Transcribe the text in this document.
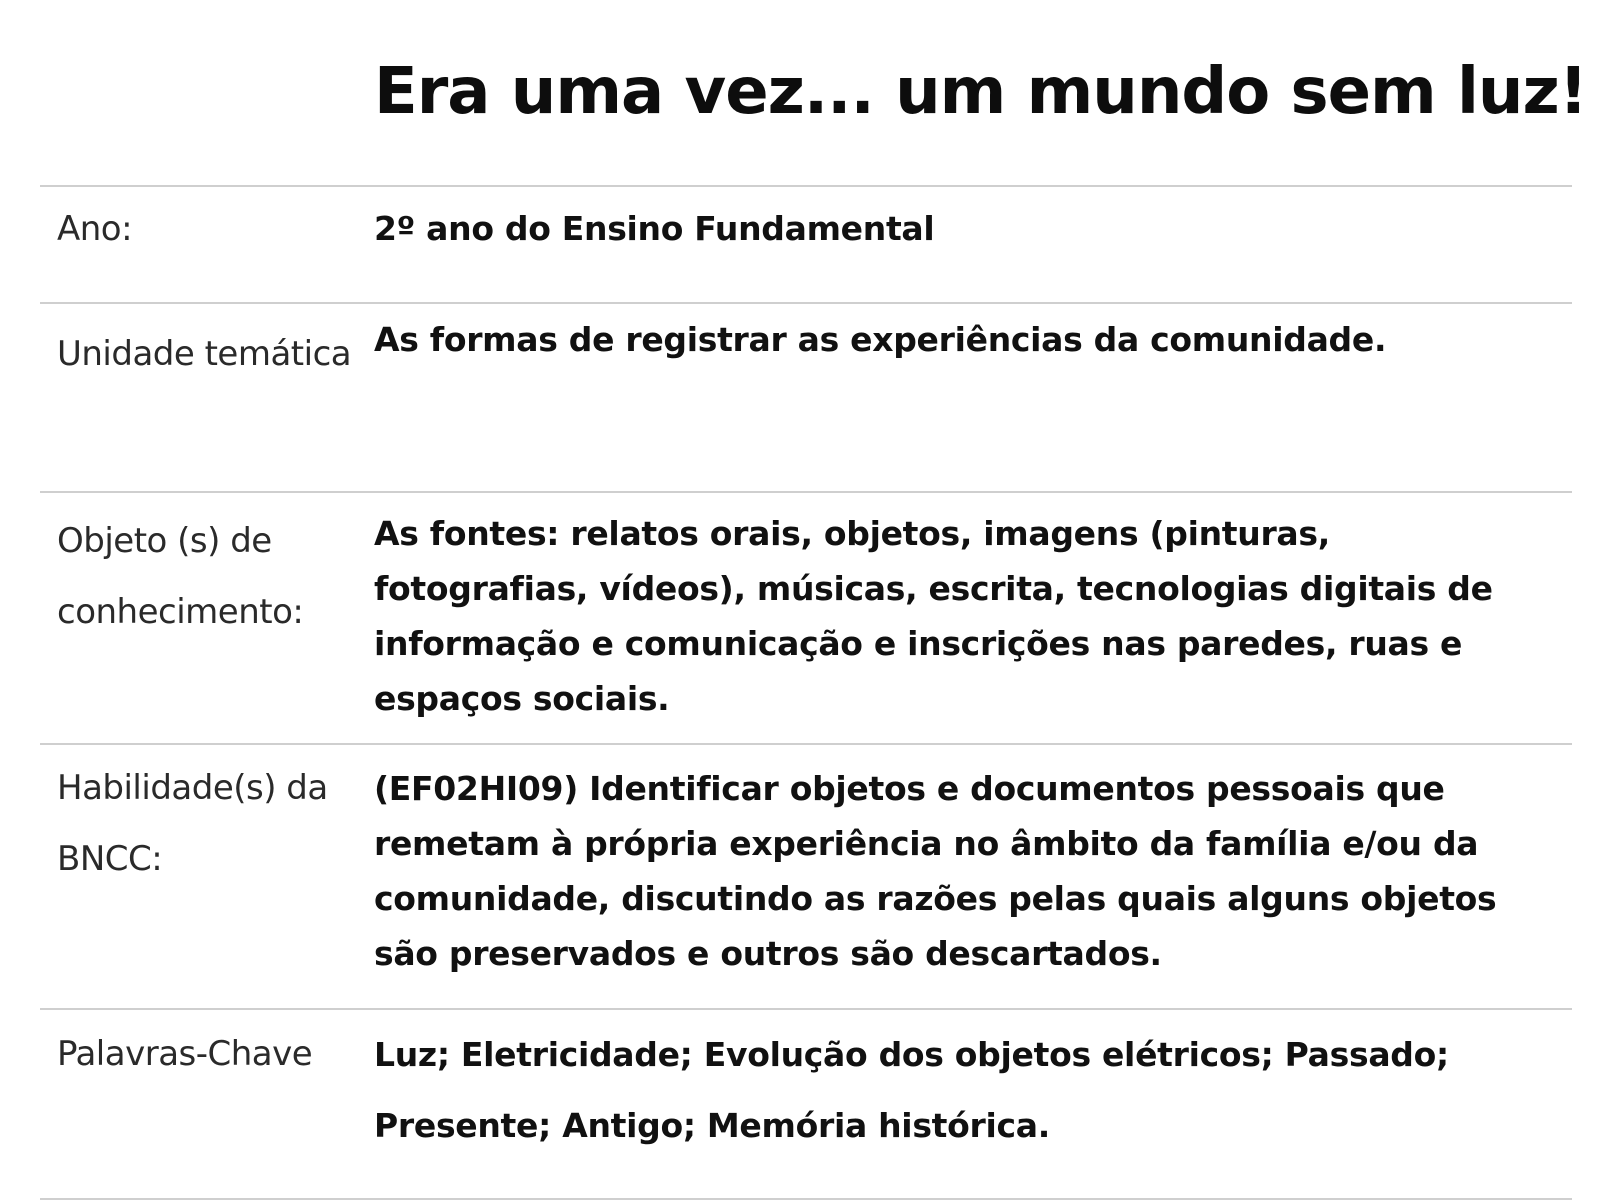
Era uma vez... um mundo sem luz!
Ano:	2º ano do Ensino Fundamental
Unidade temática As formas de registrar as experiências da comunidade.
Objeto (s) de conhecimento:
As fontes: relatos orais, objetos, imagens (pinturas, fotografias, vídeos), músicas, escrita, tecnologias digitais de informação e comunicação e inscrições nas paredes, ruas e espaços sociais.
Habilidade(s) da BNCC:
(EF02HI09) Identificar objetos e documentos pessoais que remetam à própria experiência no âmbito da família e/ou da comunidade, discutindo as razões pelas quais alguns objetos são preservados e outros são descartados.
Palavras-Chave	Luz; Eletricidade; Evolução dos objetos elétricos; Passado; Presente; Antigo; Memória histórica.
